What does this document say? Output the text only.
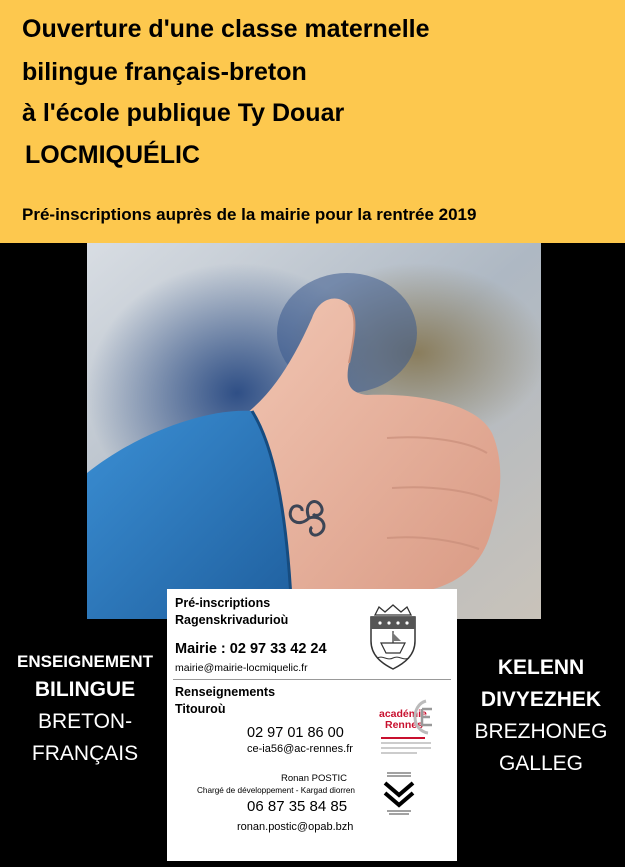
Ouverture d'une classe maternelle
bilingue français-breton
à l'école publique Ty Douar
LOCMIQUÉLIC
Pré-inscriptions auprès de la mairie pour la rentrée 2019
ENSEIGNEMENT
BILINGUE
BRETON-
FRANÇAIS
KELENN
DIVYEZHEK
BREZHONEG
GALLEG
Pré-inscriptions
Ragenskrivadurioù
Mairie : 02 97 33 42 24
mairie@mairie-locmiquelic.fr
Renseignements
Titouroù
02 97 01 86 00
ce-ia56@ac-rennes.fr
académie
Rennes
Ronan POSTIC
Chargé de développement - Kargad diorren
06 87 35 84 85
ronan.postic@opab.bzh
